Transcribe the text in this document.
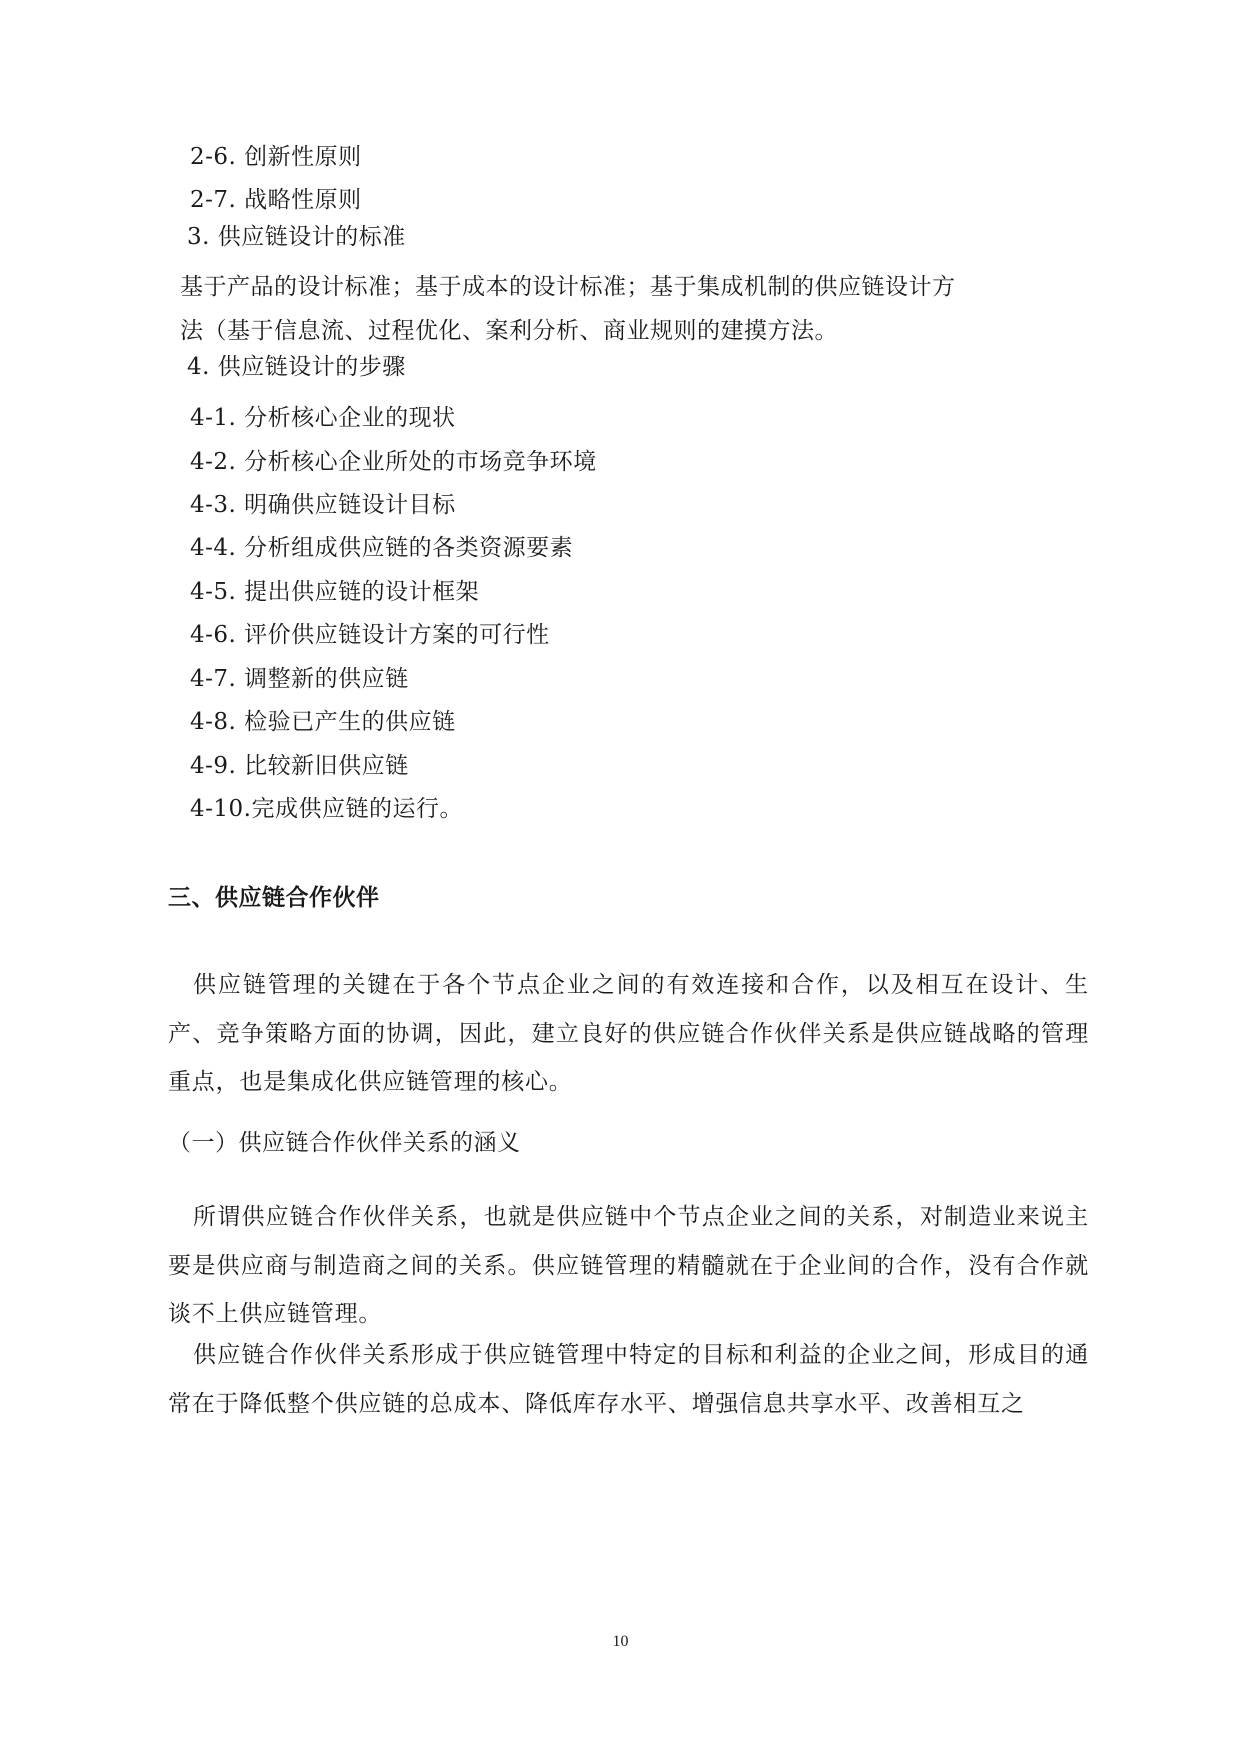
2-6. 创新性原则
2-7. 战略性原则
3. 供应链设计的标准
基于产品的设计标准；基于成本的设计标准；基于集成机制的供应链设计方
法（基于信息流、过程优化、案利分析、商业规则的建摸方法。
4. 供应链设计的步骤
4-1. 分析核心企业的现状
4-2. 分析核心企业所处的市场竞争环境
4-3. 明确供应链设计目标
4-4. 分析组成供应链的各类资源要素
4-5. 提出供应链的设计框架
4-6. 评价供应链设计方案的可行性
4-7. 调整新的供应链
4-8. 检验已产生的供应链
4-9. 比较新旧供应链
4-10.完成供应链的运行。
三、供应链合作伙伴
供应链管理的关键在于各个节点企业之间的有效连接和合作，以及相互在设计、生产、竞争策略方面的协调，因此，建立良好的供应链合作伙伴关系是供应链战略的管理重点，也是集成化供应链管理的核心。
（一）供应链合作伙伴关系的涵义
所谓供应链合作伙伴关系，也就是供应链中个节点企业之间的关系，对制造业来说主要是供应商与制造商之间的关系。供应链管理的精髓就在于企业间的合作，没有合作就谈不上供应链管理。
供应链合作伙伴关系形成于供应链管理中特定的目标和利益的企业之间，形成目的通常在于降低整个供应链的总成本、降低库存水平、增强信息共享水平、改善相互之
10
